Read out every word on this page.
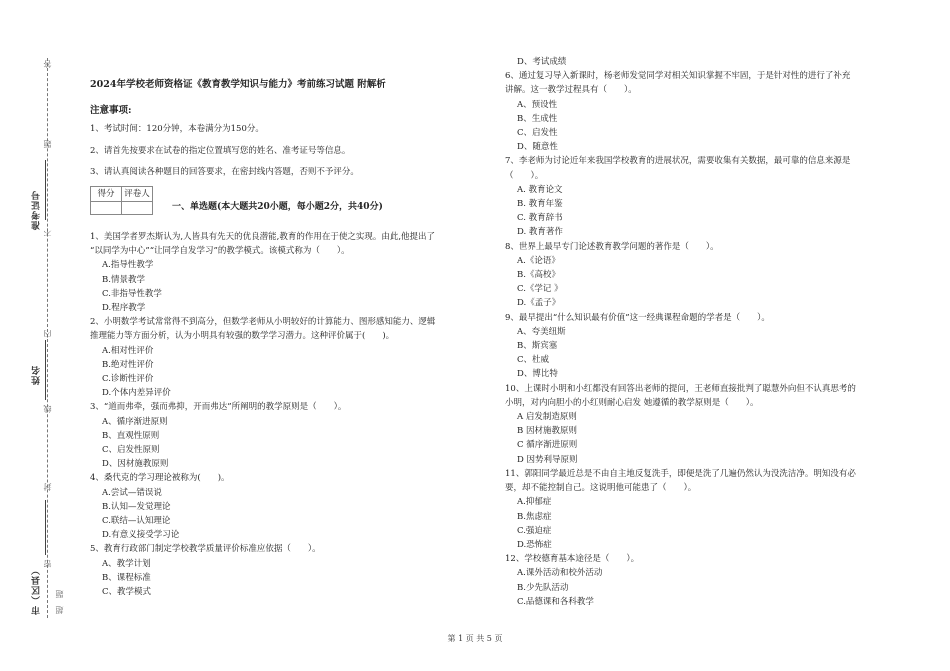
答
题
不
内
线
封
密
题
超
准考证号
姓名
市（区县）

2024年学校老师资格证《教育教学知识与能力》考前练习试题 附解析

注意事项:

1、考试时间：120分钟，本卷满分为150分。

2、请首先按要求在试卷的指定位置填写您的姓名、准考证号等信息。

3、请认真阅读各种题目的回答要求，在密封线内答题，否则不予评分。

得分	评卷人

一、单选题(本大题共20小题，每小题2分，共40分)

1、美国学者罗杰斯认为,人皆具有先天的优良潜能,教育的作用在于使之实现。由此,他提出了

“以同学为中心”“让同学自发学习”的教学模式。该模式称为（　　）。

A.指导性教学

B.情景教学

C.非指导性教学

D.程序教学

2、小明数学考试常常得不到高分，但数学老师从小明较好的计算能力、图形感知能力、逻辑

推理能力等方面分析，认为小明具有较强的数学学习潜力。这种评价属于(　　)。

A.相对性评价

B.绝对性评价

C.诊断性评价

D.个体内差异评价

3、“道而弗牵，强而弗抑，开而弗达”所阐明的教学原则是（　　）。

A、循序渐进原则

B、直观性原则

C、启发性原则

D、因材施教原则

4、桑代克的学习理论被称为(　　)。

A.尝试—错误说

B.认知—发觉理论

C.联结—认知理论

D.有意义接受学习论

5、教育行政部门制定学校教学质量评价标准应依据（　　）。

A、教学计划

B、课程标准

C、教学模式

D、考试成绩

6、通过复习导入新课时，杨老师发觉同学对相关知识掌握不牢固，于是针对性的进行了补充

讲解。这一教学过程具有（　　）。

A、预设性

B、生成性

C、启发性

D、随意性

7、李老师为讨论近年来我国学校教育的进展状况，需要收集有关数据，最可靠的信息来源是

（　　）。

A. 教育论文

B. 教育年鉴

C. 教育辞书

D. 教育著作

8、世界上最早专门论述教育教学问题的著作是（　　）。

A.《论语》

B.《高校》

C.《学记 》

D.《孟子》

9、最早提出“什么知识最有价值”这一经典课程命题的学者是（　　）。

A、夸美纽斯

B、斯宾塞

C、杜威

D、博比特

10、上课时小明和小红都没有回答出老师的提问，王老师直接批判了聪慧外向但不认真思考的

小明，对内向胆小的小红则耐心启发 她遵循的教学原则是（　　）。

A 启发制造原则

B 因材施教原则

C 循序渐进原则

D 因势利导原则

11、郭阳同学最近总是不由自主地反复洗手，即便是洗了几遍仍然认为没洗洁净。明知没有必

要，却不能控制自己。这说明他可能患了（　　）。

A.抑郁症

B.焦虑症

C.强迫症

D.恐怖症

12、学校德育基本途径是（　　）。

A.课外活动和校外活动

B.少先队活动

C.品德课和各科教学

第 1 页 共 5 页
